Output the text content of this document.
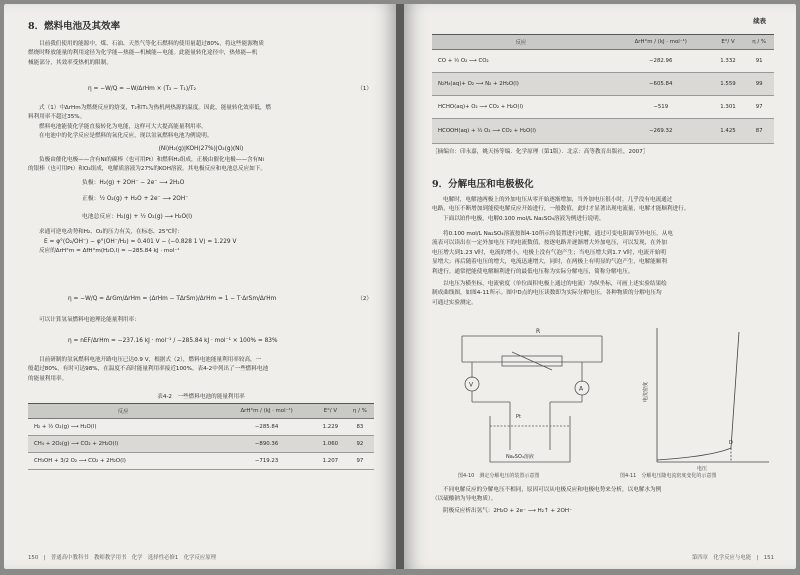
8．燃料电池及其效率

目前我们使用的能源中，煤、石油、天然气等化石燃料的使用量超过80%，将这些能源物质

燃烧时释放能量的利用途径为化学能—热能—机械能—电能。此能量转化途径中，热热能—机

械能部分，其效率受热机的限制。

η = −W/Q = −W/ΔrHm × (T₂ − T₁)/T₂	（1）

式（1）中ΔrHm为燃烧反应的焓变，T₂和T₁为热机两热源的温度。因此，能量转化效率低，燃

料利用率不超过35%。

燃料电池能使化学能直接转化为电能，这样可大大提高能量利用率。

在电池中的化学反应是燃料的氧化反应，现以氢氧燃料电池为例说明。

(Ni)H₂(g)|KOH(27%)|O₂(g)(Ni)

负极由催化电极——含有Ni的碳棒（也可用Pt）和燃料H₂组成，正极由催化电极——含有Ni

的银棒（也可用Pt）和O₂组成，电解质溶液为27%的KOH溶液。其电极反应和电池总反应如下。

负极：H₂(g) + 2OH⁻ − 2e⁻ ⟶ 2H₂O

正极：½ O₂(g) + H₂O + 2e⁻ ⟶ 2OH⁻

电池总反应：H₂(g) + ½ O₂(g) ⟶ H₂O(l)

求通可逆电动势和H₂、O₂的压力有关，在标态、25℃时：

E = φ°(O₂/OH⁻) − φ°(OH⁻/H₂) = 0.401 V − (−0.828 1 V) = 1.229 V

反应的ΔrH°m = ΔfH°m(H₂O,l) = −285.84 kJ · mol⁻¹

η = −W/Q = ΔrGm/ΔrHm = (ΔrHm − TΔrSm)/ΔrHm = 1 − T·ΔrSm/ΔrHm	（2）

可以计算氢氧燃料电池理论能量利用率：

η = nEF/ΔrHm = −237.16 kJ · mol⁻¹ / −285.84 kJ · mol⁻¹ × 100% = 83%

目前研制的氢氧燃料电池开路电压已达0.9 V，根据式（2），燃料电池能量利用率较高，一

般超过80%，有时可达98%，在温度不高时能量利用率接近100%。表4-2中列出了一些燃料电池

的能量利用率。

表4-2　一些燃料电池的能量利用率

反应	ΔrH°m / (kJ · mol⁻¹)	E°/ V	η / %
H₂ + ½ O₂(g) ⟶ H₂O(l)	−285.84	1.229	83
CH₄ + 2O₂(g) ⟶ CO₂ + 2H₂O(l)	−890.36	1.060	92
CH₃OH + 3/2 O₂ ⟶ CO₂ + 2H₂O(l)	−719.23	1.207	97
150　|　普通高中教科书　教师教学用书　化学　选择性必修1　化学反应原理
续表
反应	ΔrH°m / (kJ · mol⁻¹)	E°/ V	η / %
CO + ½ O₂ ⟶ CO₂	−282.96	1.332	91
N₂H₄(aq)+ O₂ ⟶ N₂ + 2H₂O(l)	−605.84	1.559	99
HCHO(aq)+ O₂ ⟶ CO₂ + H₂O(l)	−519	1.301	97
HCOOH(aq) + ½ O₂ ⟶ CO₂ + H₂O(l)	−269.32	1.425	87

［摘编自：印永嘉，姚天扬等编．化学原理（第1版）．北京：高等教育出版社，2007］

9．分解电压和电极极化

电解时，电解池两极上的外加电压从零开始逐渐增加，当外加电压很小时，几乎没有电流通过

电路，电压不断增加到能使电解反应开始进行，一般数值，此时才显著出现电流量，电解才能顺利进行。

下面以铂作电极，电解0.100 mol/L Na₂SO₄溶液为例进行说明。

将0.100 mol/L Na₂SO₄溶液按图4-10所示的装置进行电解，通过可变电阻调节外电压，从电

流表可以读出在一定外加电压下的电流数值，按逐电路并逐渐增大外加电压，可以发现，在外加

电压增大到1.23 V时，电流的增小，电极上没有气泡产生；当电压增大到1.7 V时，电流开始明

显增大；再后随着电压的增大，电流迅速增大，同时，在两极上有明显的气泡产生，电解能顺利

利进行。通常把能使电解顺利进行的最低电压称为实际分解电压，简称分解电压。

以电压为横坐标，电流密度（单位面积电极上通过的电流）为纵坐标，可画上述实验结果绘

制成曲线图，如图4-11所示。图中D点的电压读数即为实际分解电压。各种物质的分解电压均

可通过实验测定。

R
V
A
Pt
Na₂SO₄溶液
图4-10　测定分解电压的装置示意图
电流密度
电压
D
图4-11　分解电压随电流密度变化的示意图

不同电解反应的分解电压不相同，原因可以从电极反应和电极电势来分析，以电解水为例

（以硫酸钠为导电物质）。

阴极反应析出氢气：2H₂O + 2e⁻ ⟶ H₂↑ + 2OH⁻

第四章　化学反应与电能　|　151
